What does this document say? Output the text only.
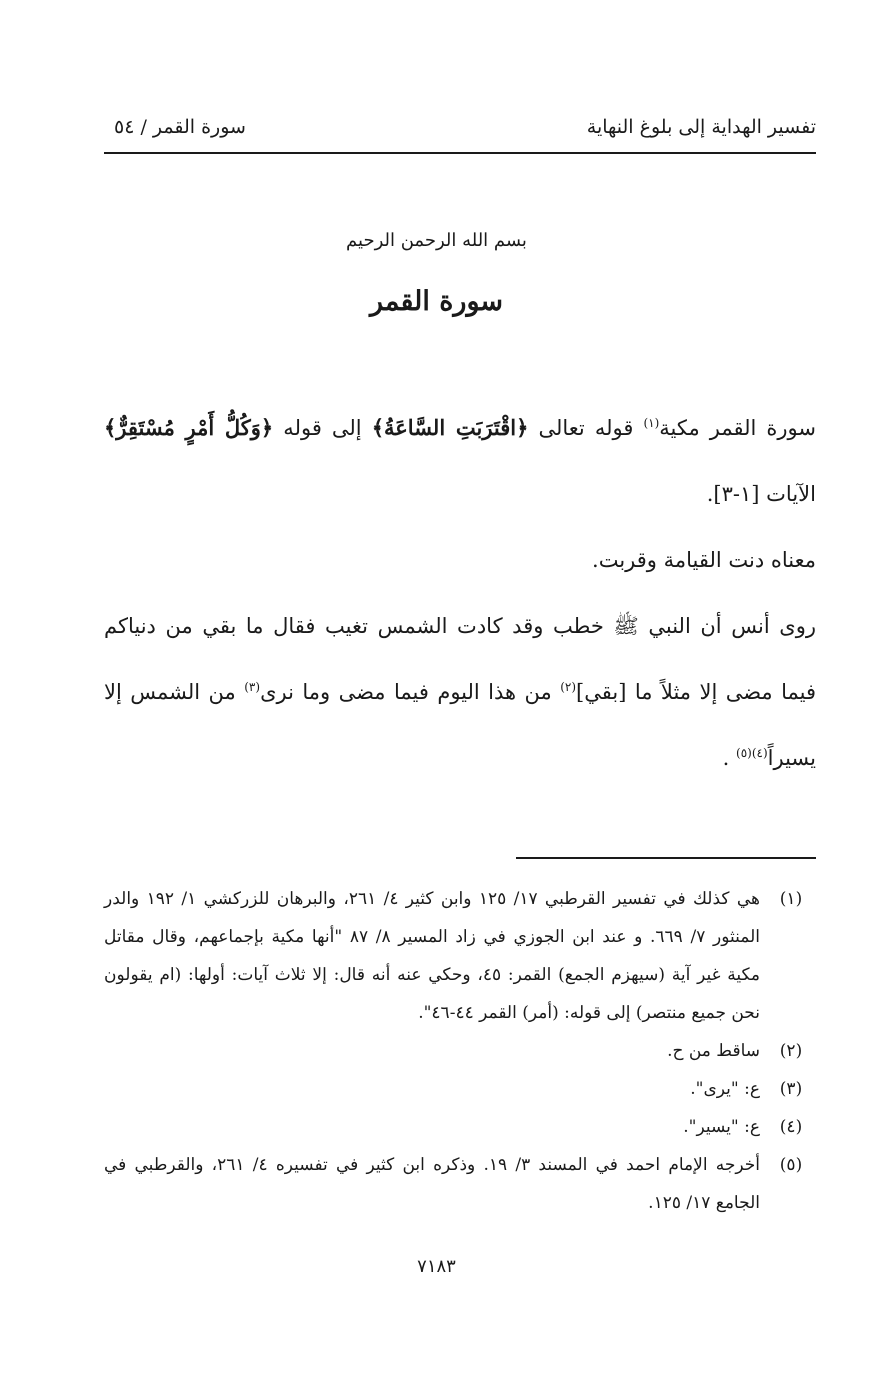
تفسير الهداية إلى بلوغ النهاية
سورة القمر / ٥٤
بسم الله الرحمن الرحيم
سورة القمر

سورة القمر مكية$^{(١)}$ قوله تعالى ﴿اقْتَرَبَتِ السَّاعَةُ﴾ إلى قوله ﴿وَكُلُّ أَمْرٍ مُسْتَقِرٌّ﴾ الآيات [١-٣].

معناه دنت القيامة وقربت.

روى أنس أن النبي ﷺ خطب وقد كادت الشمس تغيب فقال ما بقي من دنياكم فيما مضى إلا مثلاً ما [بقي]$^{(٢)}$ من هذا اليوم فيما مضى وما نرى$^{(٣)}$ من الشمس إلا يسيراً$^{(٤)(٥)}$ .

(١)
هي كذلك في تفسير القرطبي ١٧/ ١٢٥ وابن كثير ٤/ ٢٦١، والبرهان للزركشي ١/ ١٩٢ والدر المنثور ٧/ ٦٦٩. و عند ابن الجوزي في زاد المسير ٨/ ٨٧ "أنها مكية بإجماعهم، وقال مقاتل مكية غير آية (سيهزم الجمع) القمر: ٤٥، وحكي عنه أنه قال: إلا ثلاث آيات: أولها: (ام يقولون نحن جميع منتصر) إلى قوله: (أمر) القمر ٤٤-٤٦".
(٢)
ساقط من ح.
(٣)
ع: "يرى".
(٤)
ع: "يسير".
(٥)
أخرجه الإمام احمد في المسند ٣/ ١٩. وذكره ابن كثير في تفسيره ٤/ ٢٦١، والقرطبي في الجامع ١٧/ ١٢٥.
٧١٨٣
